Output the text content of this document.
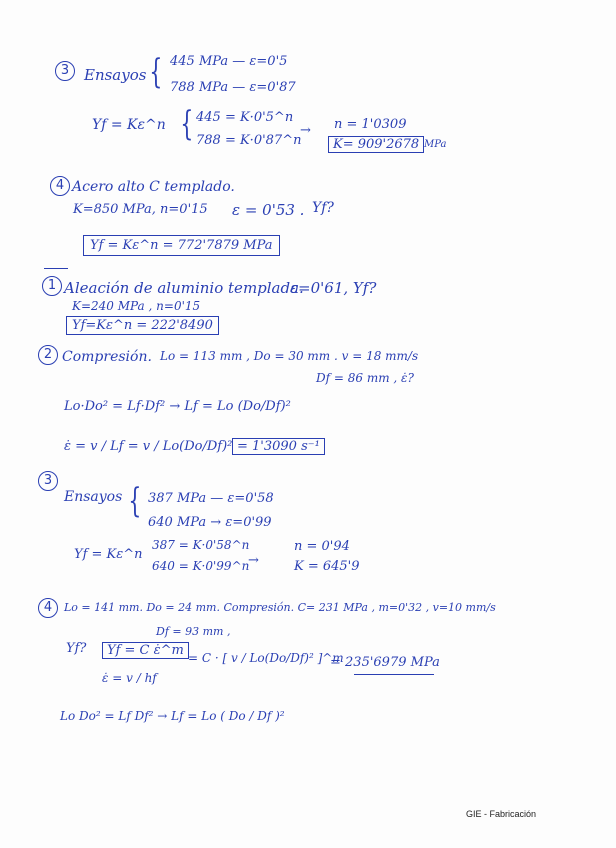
3 Ensayos { 445 MPa — ε=0'5
788 MPa — ε=0'87
Yf = Kε^n { 445 = K·0'5^n
788 = K·0'87^n
→ n = 1'0309
K= 909'2678 MPa
4 Acero alto C templado.
K=850 MPa, n=0'15 ε = 0'53 . Yf?
Yf = Kε^n = 772'7879 MPa
1 Aleación de aluminio templada.
ε=0'61, Yf?
K=240 MPa , n=0'15
Yf=Kε^n = 222'8490
2 Compresión. Lo = 113 mm , Do = 30 mm . v = 18 mm/s
Df = 86 mm , ε̇?
Lo·Do² = Lf·Df² → Lf = Lo (Do/Df)²
ε̇ = v / Lf = v / Lo(Do/Df)² = 1'3090 s⁻¹
3
Ensayos { 387 MPa — ε=0'58
640 MPa → ε=0'99
Yf = Kε^n
387 = K·0'58^n
640 = K·0'99^n
→
n = 0'94
K = 645'9
4	Lo = 141 mm. Do = 24 mm. Compresión. C= 231 MPa , m=0'32 , v=10 mm/s
Df = 93 mm ,
Yf?	Yf = C ε̇^m = C · [ v / Lo(Do/Df)² ]^m
= 235'6979 MPa
ε̇ = v / hf
Lo Do² = Lf Df² → Lf = Lo ( Do / Df )²
GIE - Fabricación
